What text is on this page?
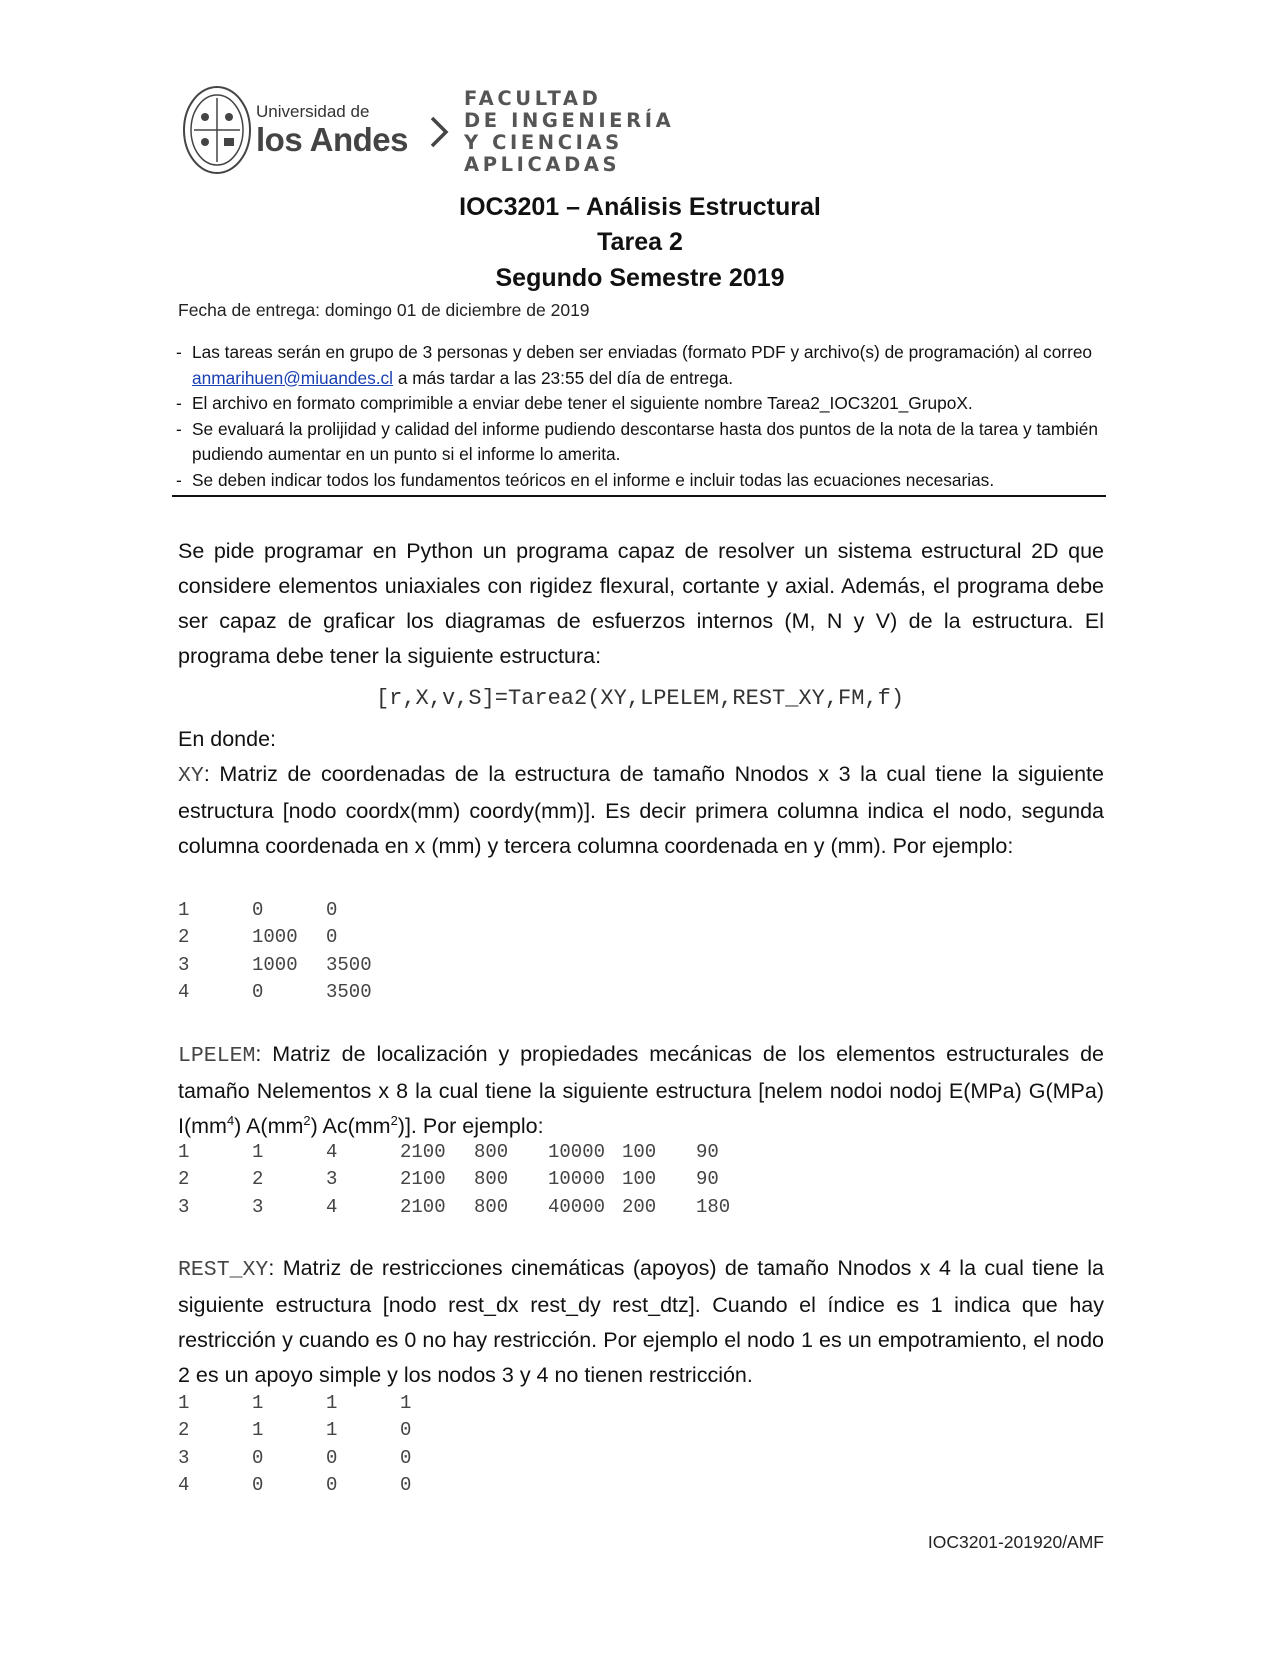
Universidad de
los Andes
FACULTAD
DE INGENIERÍA
Y CIENCIAS
APLICADAS
IOC3201 – Análisis Estructural
Tarea 2
Segundo Semestre 2019
Fecha de entrega: domingo 01 de diciembre de 2019
- Las tareas serán en grupo de 3 personas y deben ser enviadas (formato PDF y archivo(s) de programación) al correo anmarihuen@miuandes.cl a más tardar a las 23:55 del día de entrega.
- El archivo en formato comprimible a enviar debe tener el siguiente nombre Tarea2_IOC3201_GrupoX.
- Se evaluará la prolijidad y calidad del informe pudiendo descontarse hasta dos puntos de la nota de la tarea y también pudiendo aumentar en un punto si el informe lo amerita.
- Se deben indicar todos los fundamentos teóricos en el informe e incluir todas las ecuaciones necesarias.
Se pide programar en Python un programa capaz de resolver un sistema estructural 2D que considere elementos uniaxiales con rigidez flexural, cortante y axial. Además, el programa debe ser capaz de graficar los diagramas de esfuerzos internos (M, N y V) de la estructura. El programa debe tener la siguiente estructura:
[r,X,v,S]=Tarea2(XY,LPELEM,REST_XY,FM,f)
En donde:
XY: Matriz de coordenadas de la estructura de tamaño Nnodos x 3 la cual tiene la siguiente estructura [nodo coordx(mm) coordy(mm)]. Es decir primera columna indica el nodo, segunda columna coordenada en x (mm) y tercera columna coordenada en y (mm). Por ejemplo:
1	0	0
2	1000 0
3	1000 3500
4	0	3500
LPELEM: Matriz de localización y propiedades mecánicas de los elementos estructurales de tamaño Nelementos x 8 la cual tiene la siguiente estructura [nelem nodoi nodoj E(MPa) G(MPa) $I(mm^4)$ $A(mm^2)$ $Ac(mm^2)$]. Por ejemplo:
1	1	4	2100 800 10000 100 90
2	2	3	2100 800 10000 100 90
3	3	4	2100 800 40000 200 180
REST_XY: Matriz de restricciones cinemáticas (apoyos) de tamaño Nnodos x 4 la cual tiene la siguiente estructura [nodo rest_dx rest_dy rest_dtz]. Cuando el índice es 1 indica que hay restricción y cuando es 0 no hay restricción. Por ejemplo el nodo 1 es un empotramiento, el nodo 2 es un apoyo simple y los nodos 3 y 4 no tienen restricción.
1	1	1	1
2	1	1	0
3	0	0	0
4	0	0	0
IOC3201-201920/AMF
